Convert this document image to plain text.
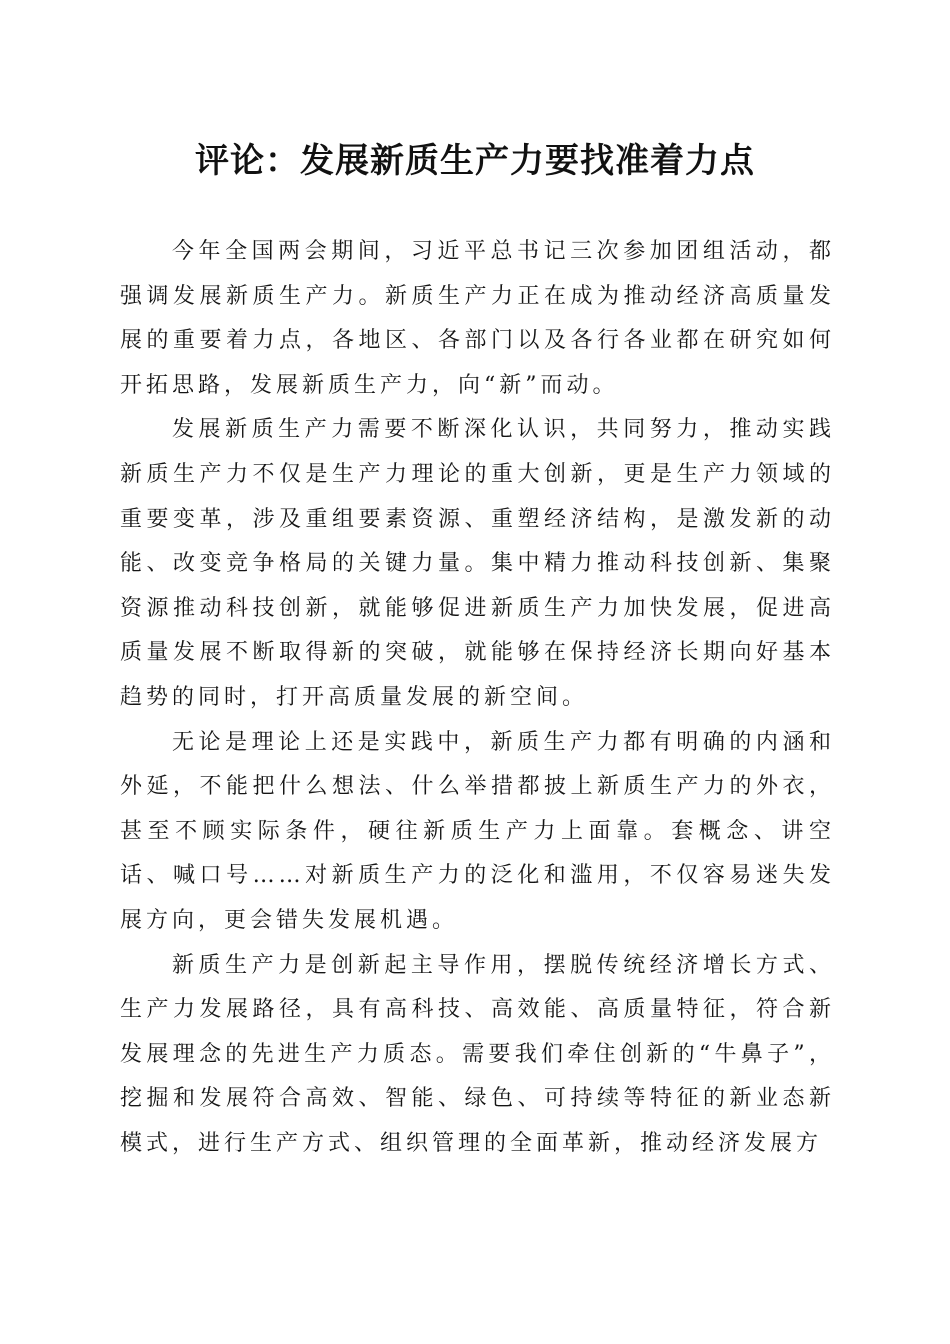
评论：发展新质生产力要找准着力点

今年全国两会期间，习近平总书记三次参加团组活动，都强调发展新质生产力。新质生产力正在成为推动经济高质量发展的重要着力点，各地区、各部门以及各行各业都在研究如何开拓思路，发展新质生产力，向“新”而动。

发展新质生产力需要不断深化认识，共同努力，推动实践新质生产力不仅是生产力理论的重大创新，更是生产力领域的重要变革，涉及重组要素资源、重塑经济结构，是激发新的动能、改变竞争格局的关键力量。集中精力推动科技创新、集聚资源推动科技创新，就能够促进新质生产力加快发展，促进高质量发展不断取得新的突破，就能够在保持经济长期向好基本趋势的同时，打开高质量发展的新空间。

无论是理论上还是实践中，新质生产力都有明确的内涵和外延，不能把什么想法、什么举措都披上新质生产力的外衣，甚至不顾实际条件，硬往新质生产力上面靠。套概念、讲空话、喊口号……对新质生产力的泛化和滥用，不仅容易迷失发展方向，更会错失发展机遇。

新质生产力是创新起主导作用，摆脱传统经济增长方式、生产力发展路径，具有高科技、高效能、高质量特征，符合新发展理念的先进生产力质态。需要我们牵住创新的“牛鼻子”，挖掘和发展符合高效、智能、绿色、可持续等特征的新业态新模式，进行生产方式、组织管理的全面革新，推动经济发展方
